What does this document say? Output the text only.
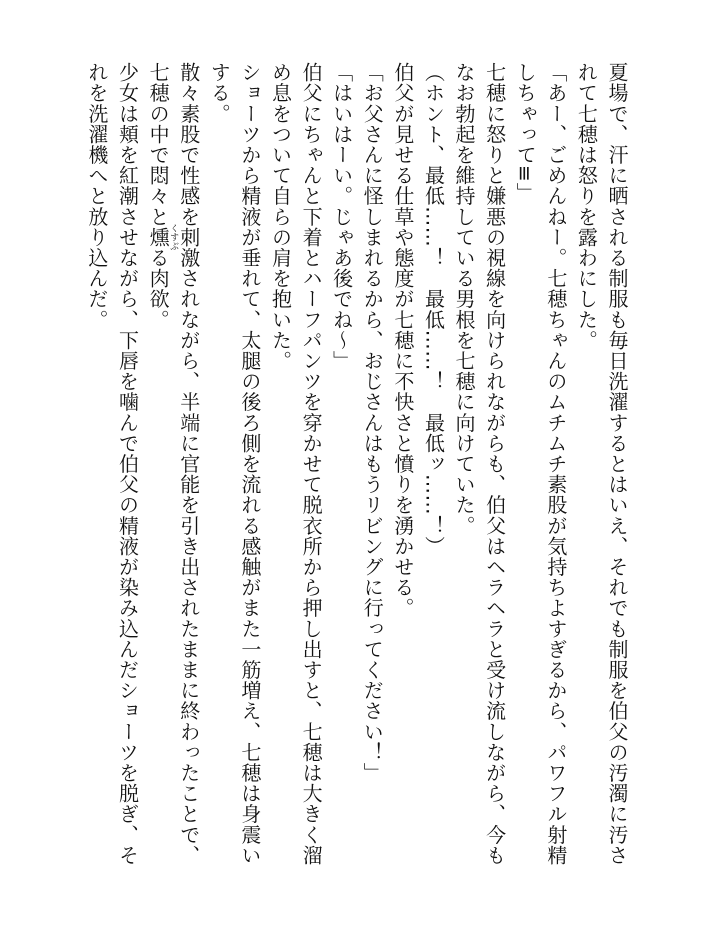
夏場で、汗に晒される制服も毎日洗濯するとはいえ、それでも制服を伯父の汚濁に汚されて七穂は怒りを露わにした。

「あー、ごめんねー。七穂ちゃんのムチムチ素股が気持ちよすぎるから、パワフル射精しちゃって≡」

七穂に怒りと嫌悪の視線を向けられながらも、伯父はヘラヘラと受け流しながら、今もなお勃起を維持している男根を七穂に向けていた。

（ホント、最低……！　最低……！　最低ッ……！）

伯父が見せる仕草や態度が七穂に不快さと憤りを湧かせる。

「お父さんに怪しまれるから、おじさんはもうリビングに行ってください！」

「はいはーい。じゃあ後でね～」

伯父にちゃんと下着とハーフパンツを穿かせて脱衣所から押し出すと、七穂は大きく溜め息をついて自らの肩を抱いた。

ショーツから精液が垂れて、太腿の後ろ側を流れる感触がまた一筋増え、七穂は身震いする。

散々素股で性感を刺激されながら、半端に官能を引き出されたままに終わったことで、七穂の中で悶々と燻くすぶる肉欲。

少女は頬を紅潮させながら、下唇を噛んで伯父の精液が染み込んだショーツを脱ぎ、それを洗濯機へと放り込んだ。
